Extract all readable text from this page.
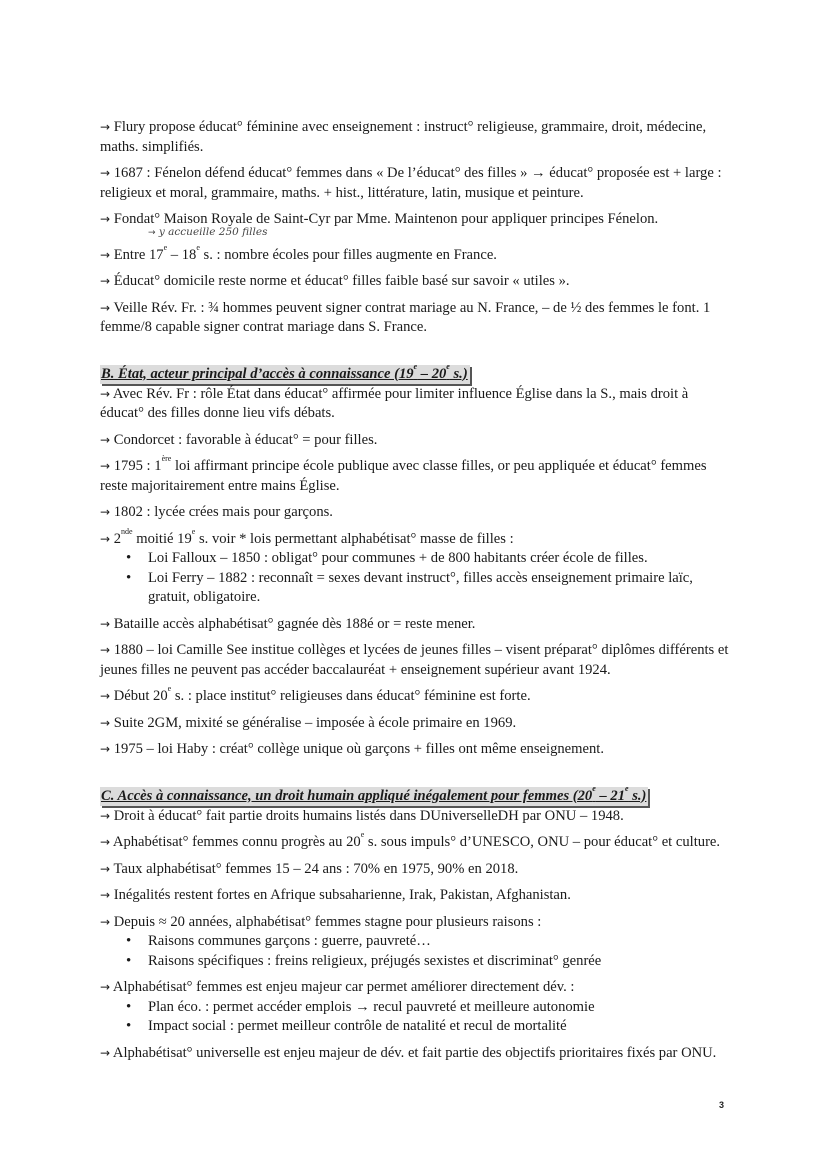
→ Flury propose éducat° féminine avec enseignement : instruct° religieuse, grammaire, droit, médecine, maths. simplifiés.

→ 1687 : Fénelon défend éducat° femmes dans « De l’éducat° des filles » → éducat° proposée est + large : religieux et moral, grammaire, maths. + hist., littérature, latin, musique et peinture.

→ Fondat° Maison Royale de Saint-Cyr par Mme. Maintenon pour appliquer principes Fénelon.

→ y accueille 250 filles

→ Entre 17e – 18e s. : nombre écoles pour filles augmente en France.

→ Éducat° domicile reste norme et éducat° filles faible basé sur savoir « utiles ».

→ Veille Rév. Fr. : ¾ hommes peuvent signer contrat mariage au N. France, – de ½ des femmes le font. 1 femme/8 capable signer contrat mariage dans S. France.

B. État, acteur principal d’accès à connaissance (19e – 20e s.)

→ Avec Rév. Fr : rôle État dans éducat° affirmée pour limiter influence Église dans la S., mais droit à éducat° des filles donne lieu vifs débats.

→ Condorcet : favorable à éducat° = pour filles.

→ 1795 : 1ère loi affirmant principe école publique avec classe filles, or peu appliquée et éducat° femmes reste majoritairement entre mains Église.

→ 1802 : lycée crées mais pour garçons.

→ 2nde moitié 19e s. voir * lois permettant alphabétisat° masse de filles :

• Loi Falloux – 1850 : obligat° pour communes + de 800 habitants créer école de filles.
• Loi Ferry – 1882 : reconnaît = sexes devant instruct°, filles accès enseignement primaire laïc, gratuit, obligatoire.

→ Bataille accès alphabétisat° gagnée dès 188é or = reste mener.

→ 1880 – loi Camille See institue collèges et lycées de jeunes filles – visent préparat° diplômes différents et jeunes filles ne peuvent pas accéder baccalauréat + enseignement supérieur avant 1924.

→ Début 20e s. : place institut° religieuses dans éducat° féminine est forte.

→ Suite 2GM, mixité se généralise – imposée à école primaire en 1969.

→ 1975 – loi Haby : créat° collège unique où garçons + filles ont même enseignement.

C. Accès à connaissance, un droit humain appliqué inégalement pour femmes (20e – 21e s.)

→ Droit à éducat° fait partie droits humains listés dans DUniverselleDH par ONU – 1948.

→ Aphabétisat° femmes connu progrès au 20e s. sous impuls° d’UNESCO, ONU – pour éducat° et culture.

→ Taux alphabétisat° femmes 15 – 24 ans : 70% en 1975, 90% en 2018.

→ Inégalités restent fortes en Afrique subsaharienne, Irak, Pakistan, Afghanistan.

→ Depuis ≈ 20 années, alphabétisat° femmes stagne pour plusieurs raisons :

• Raisons communes garçons : guerre, pauvreté…
• Raisons spécifiques : freins religieux, préjugés sexistes et discriminat° genrée

→ Alphabétisat° femmes est enjeu majeur car permet améliorer directement dév. :

• Plan éco. : permet accéder emplois → recul pauvreté et meilleure autonomie
• Impact social : permet meilleur contrôle de natalité et recul de mortalité

→ Alphabétisat° universelle est enjeu majeur de dév. et fait partie des objectifs prioritaires fixés par ONU.

3
